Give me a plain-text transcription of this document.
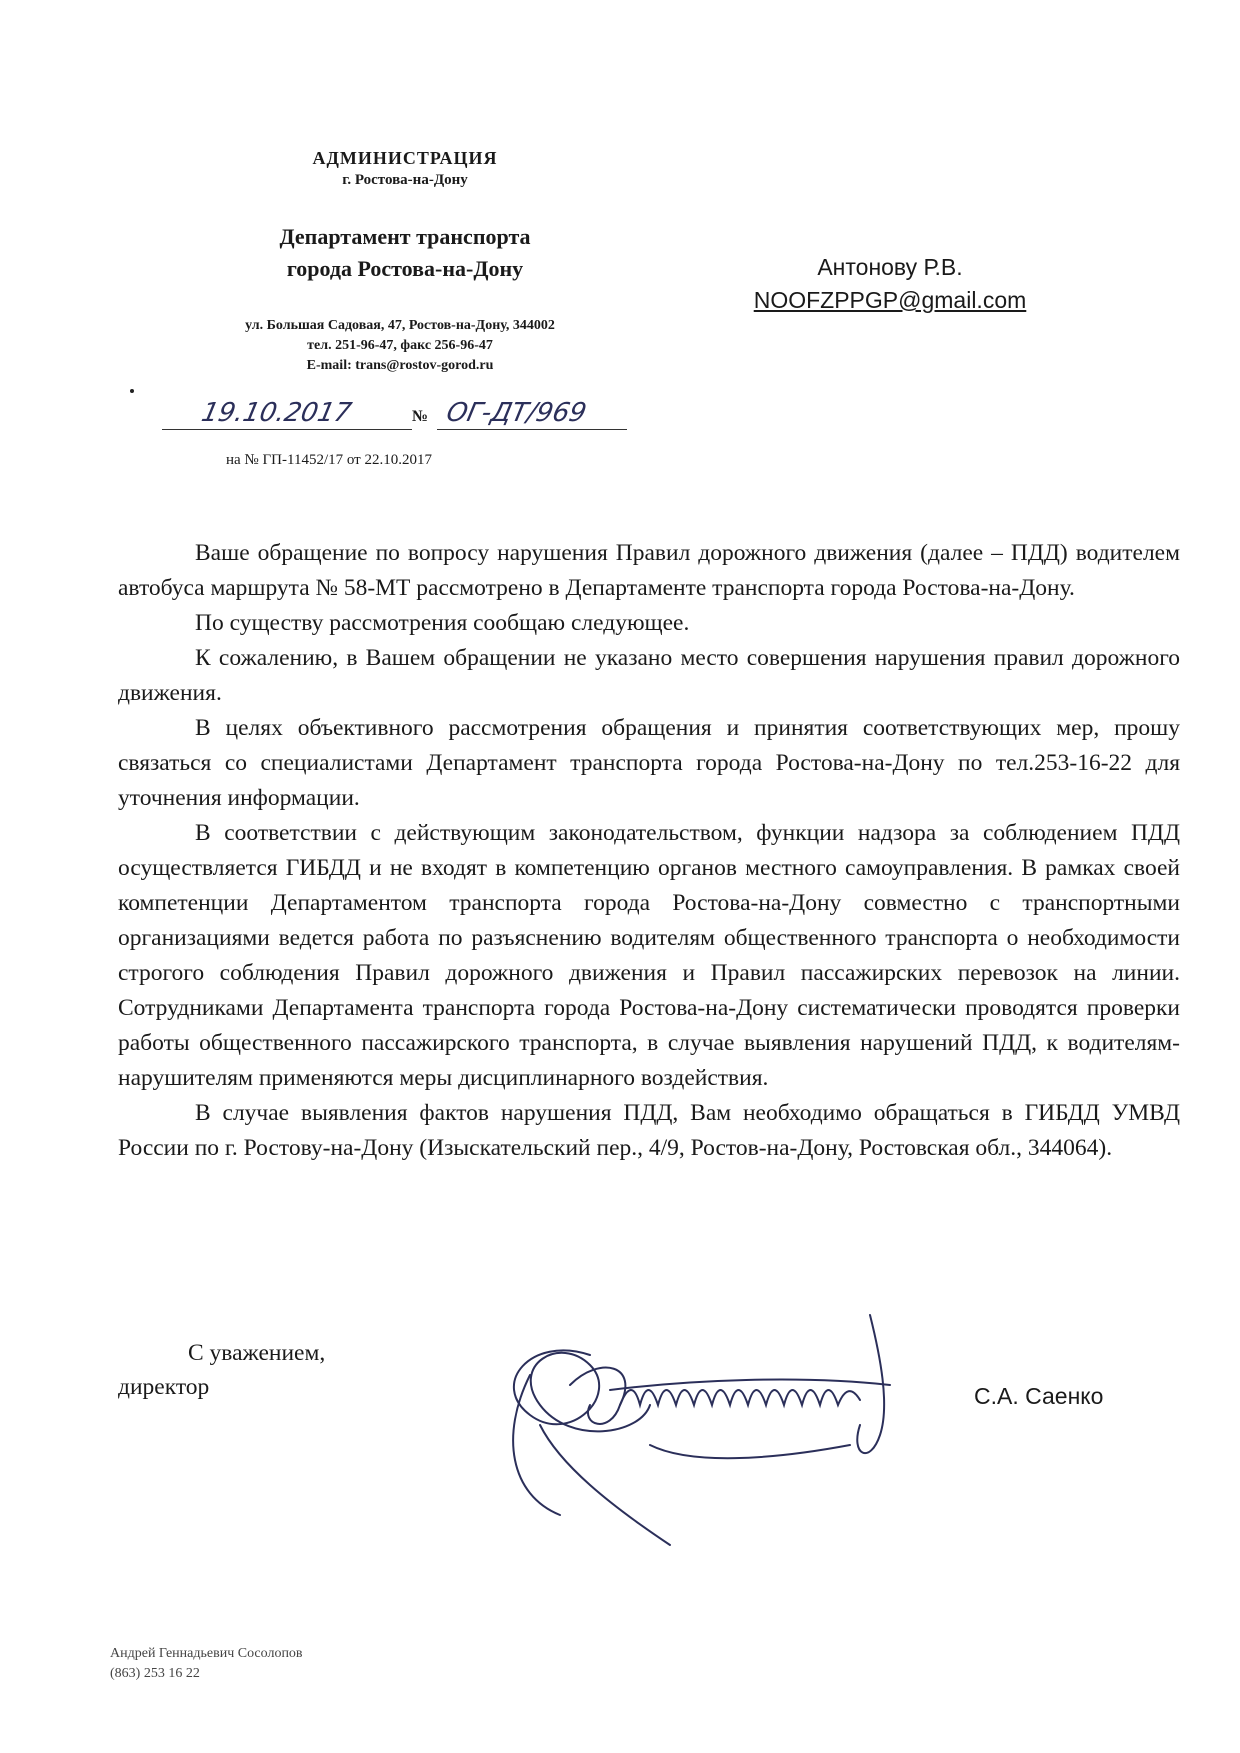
АДМИНИСТРАЦИЯ
г. Ростова-на-Дону
Департамент транспорта
города Ростова-на-Дону
ул. Большая Садовая, 47, Ростов-на-Дону, 344002
тел. 251-96-47, факс 256-96-47
E-mail: trans@rostov-gorod.ru
Антонову Р.В.
NOOFZPPGP@gmail.com
19.10.2017	№ ОГ-ДТ/969
на № ГП-11452/17 от 22.10.2017

Ваше обращение по вопросу нарушения Правил дорожного движения (далее – ПДД) водителем автобуса маршрута № 58-МТ рассмотрено в Департаменте транспорта города Ростова-на-Дону.

По существу рассмотрения сообщаю следующее.

К сожалению, в Вашем обращении не указано место совершения нарушения правил дорожного движения.

В целях объективного рассмотрения обращения и принятия соответствующих мер, прошу связаться со специалистами Департамент транспорта города Ростова-на-Дону по тел.253-16-22 для уточнения информации.

В соответствии с действующим законодательством, функции надзора за соблюдением ПДД осуществляется ГИБДД и не входят в компетенцию органов местного самоуправления. В рамках своей компетенции Департаментом транспорта города Ростова-на-Дону совместно с транспортными организациями ведется работа по разъяснению водителям общественного транспорта о необходимости строгого соблюдения Правил дорожного движения и Правил пассажирских перевозок на линии. Сотрудниками Департамента транспорта города Ростова-на-Дону систематически проводятся проверки работы общественного пассажирского транспорта, в случае выявления нарушений ПДД, к водителям-нарушителям применяются меры дисциплинарного воздействия.

В случае выявления фактов нарушения ПДД, Вам необходимо обращаться в ГИБДД УМВД России по г. Ростову-на-Дону (Изыскательский пер., 4/9, Ростов-на-Дону, Ростовская обл., 344064).

С уважением,
директор	С.А. Саенко
Андрей Геннадьевич Сосолопов
(863) 253 16 22
